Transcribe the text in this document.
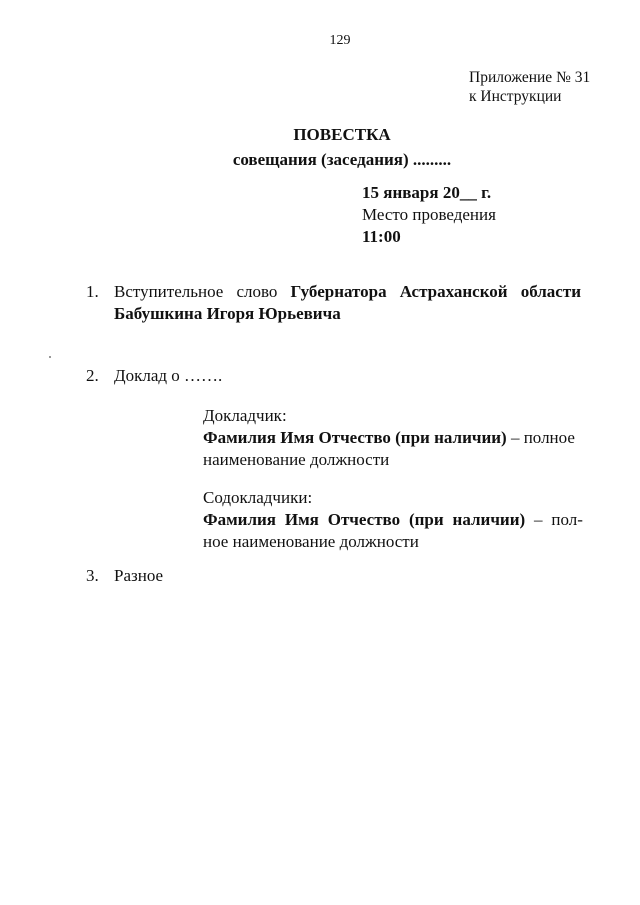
129
Приложение № 31
к Инструкции
ПОВЕСТКА
совещания (заседания) .........
15 января 20__ г.
Место проведения
11:00
1. Вступительное слово Губернатора Астраханской области
Бабушкина Игоря Юрьевича
2. Доклад о …….
Докладчик:
Фамилия Имя Отчество (при наличии) – полное
наименование должности
Содокладчики:
Фамилия Имя Отчество (при наличии) – пол-
ное наименование должности
3. Разное
